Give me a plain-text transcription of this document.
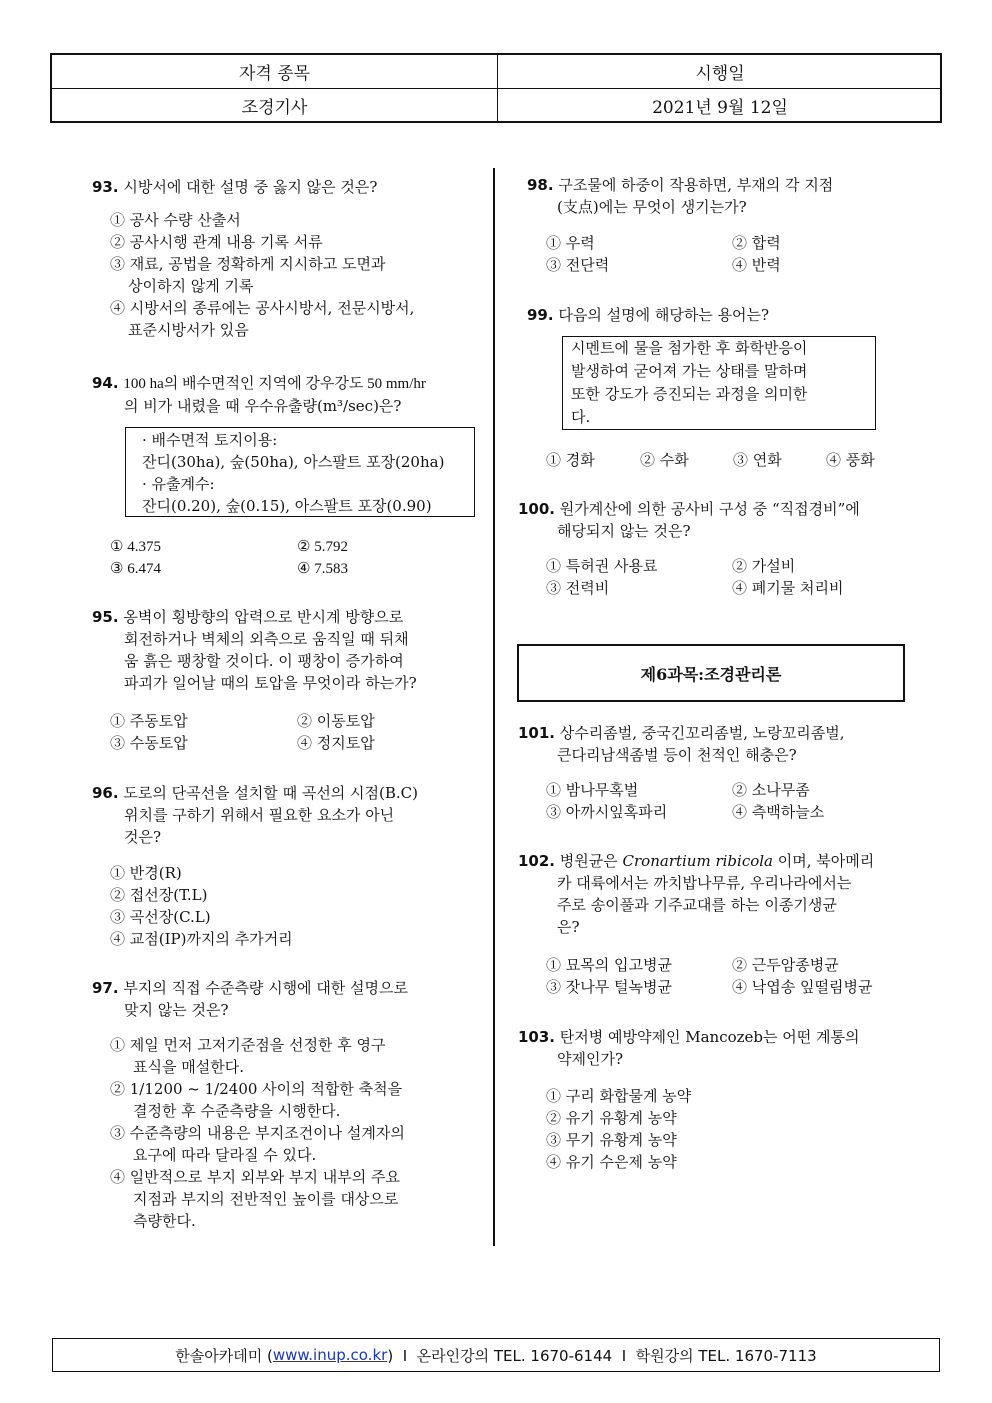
자격 종목	시행일
조경기사	2021년 9월 12일
93. 시방서에 대한 설명 중 옳지 않은 것은?
① 공사 수량 산출서
② 공사시행 관계 내용 기록 서류
③ 재료, 공법을 정확하게 지시하고 도면과
상이하지 않게 기록
④ 시방서의 종류에는 공사시방서, 전문시방서,
표준시방서가 있음
94. 100 ha의 배수면적인 지역에 강우강도 50 mm/hr
의 비가 내렸을 때 우수유출량(m³/sec)은?
· 배수면적 토지이용:
잔디(30ha), 숲(50ha), 아스팔트 포장(20ha)
· 유출계수:
잔디(0.20), 숲(0.15), 아스팔트 포장(0.90)
① 4.375	② 5.792
③ 6.474	④ 7.583
95. 옹벽이 횡방향의 압력으로 반시계 방향으로
회전하거나 벽체의 외측으로 움직일 때 뒤채
움 흙은 팽창할 것이다. 이 팽창이 증가하여
파괴가 일어날 때의 토압을 무엇이라 하는가?
① 주동토압	② 이동토압
③ 수동토압	④ 정지토압
96. 도로의 단곡선을 설치할 때 곡선의 시점(B.C)
위치를 구하기 위해서 필요한 요소가 아닌
것은?
① 반경(R)
② 접선장(T.L)
③ 곡선장(C.L)
④ 교점(IP)까지의 추가거리
97. 부지의 직접 수준측량 시행에 대한 설명으로
맞지 않는 것은?
① 제일 먼저 고저기준점을 선정한 후 영구
표식을 매설한다.
② 1/1200 ~ 1/2400 사이의 적합한 축척을
결정한 후 수준측량을 시행한다.
③ 수준측량의 내용은 부지조건이나 설계자의
요구에 따라 달라질 수 있다.
④ 일반적으로 부지 외부와 부지 내부의 주요
지점과 부지의 전반적인 높이를 대상으로
측량한다.
98. 구조물에 하중이 작용하면, 부재의 각 지점
(支点)에는 무엇이 생기는가?
① 우력	② 합력
③ 전단력	④ 반력
99. 다음의 설명에 해당하는 용어는?
시멘트에 물을 첨가한 후 화학반응이
발생하여 굳어져 가는 상태를 말하며
또한 강도가 증진되는 과정을 의미한
다.
① 경화	② 수화	③ 연화	④ 풍화
100. 원가계산에 의한 공사비 구성 중 “직접경비”에
해당되지 않는 것은?
① 특허권 사용료	② 가설비
③ 전력비	④ 폐기물 처리비
제6과목:조경관리론
101. 상수리좀벌, 중국긴꼬리좀벌, 노랑꼬리좀벌,
큰다리남색좀벌 등이 천적인 해충은?
① 밤나무혹벌	② 소나무좀
③ 아까시잎혹파리	④ 측백하늘소
102. 병원균은 Cronartium ribicola 이며, 북아메리
카 대륙에서는 까치밥나무류, 우리나라에서는
주로 송이풀과 기주교대를 하는 이종기생균
은?
① 묘목의 입고병균	② 근두암종병균
③ 잣나무 털녹병균	④ 낙엽송 잎떨림병균
103. 탄저병 예방약제인 Mancozeb는 어떤 계통의
약제인가?
① 구리 화합물계 농약
② 유기 유황계 농약
③ 무기 유황계 농약
④ 유기 수은제 농약
한솔아카데미 ( www.inup.co.kr )  I  온라인강의 TEL. 1670-6144  I  학원강의 TEL. 1670-7113
